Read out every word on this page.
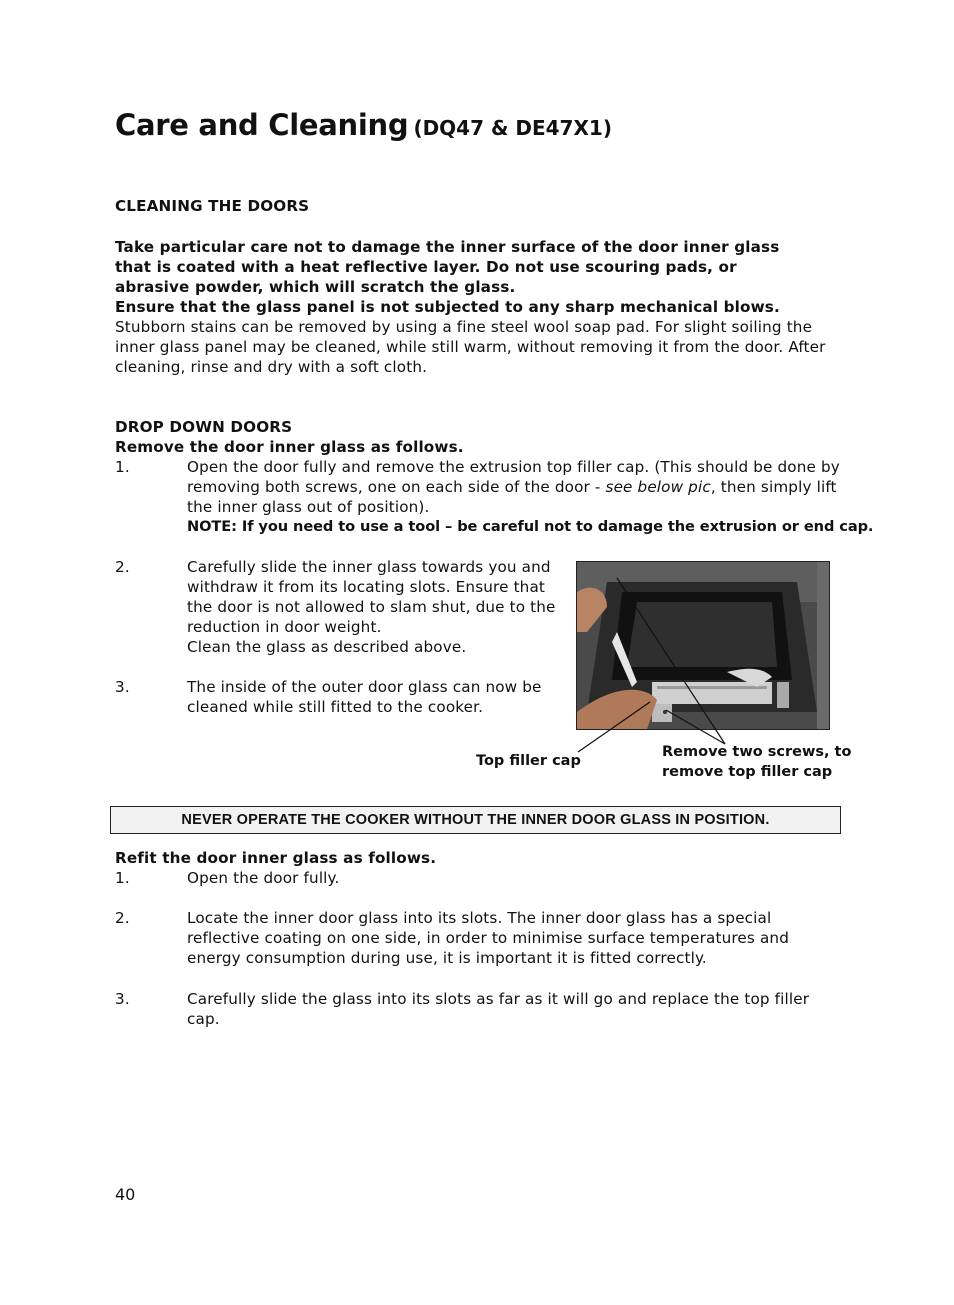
Care and Cleaning (DQ47 & DE47X1)
CLEANING THE DOORS
Take particular care not to damage the inner surface of the door inner glass that is coated with a heat reflective layer. Do not use scouring pads, or abrasive powder, which will scratch the glass.
Ensure that the glass panel is not subjected to any sharp mechanical blows.
Stubborn stains can be removed by using a fine steel wool soap pad. For slight soiling the inner glass panel may be cleaned, while still warm, without removing it from the door. After cleaning, rinse and dry with a soft cloth.
DROP DOWN DOORS
Remove the door inner glass as follows.
1.	Open the door fully and remove the extrusion top filler cap. (This should be done by removing both screws, one on each side of the door - see below pic, then simply lift the inner glass out of position).
NOTE: If you need to use a tool – be careful not to damage the extrusion or end cap.
2.	Carefully slide the inner glass towards you and withdraw it from its locating slots. Ensure that the door is not allowed to slam shut, due to the reduction in door weight.
Clean the glass as described above.
3.	The inside of the outer door glass can now be cleaned while still fitted to the cooker.
Top filler cap
Remove two screws, to remove top filler cap
NEVER OPERATE THE COOKER WITHOUT THE INNER DOOR GLASS IN POSITION.
Refit the door inner glass as follows.
1.	Open the door fully.
2.	Locate the inner door glass into its slots. The inner door glass has a special reflective coating on one side, in order to minimise surface temperatures and energy consumption during use, it is important it is fitted correctly.
3.	Carefully slide the glass into its slots as far as it will go and replace the top filler cap.
40
